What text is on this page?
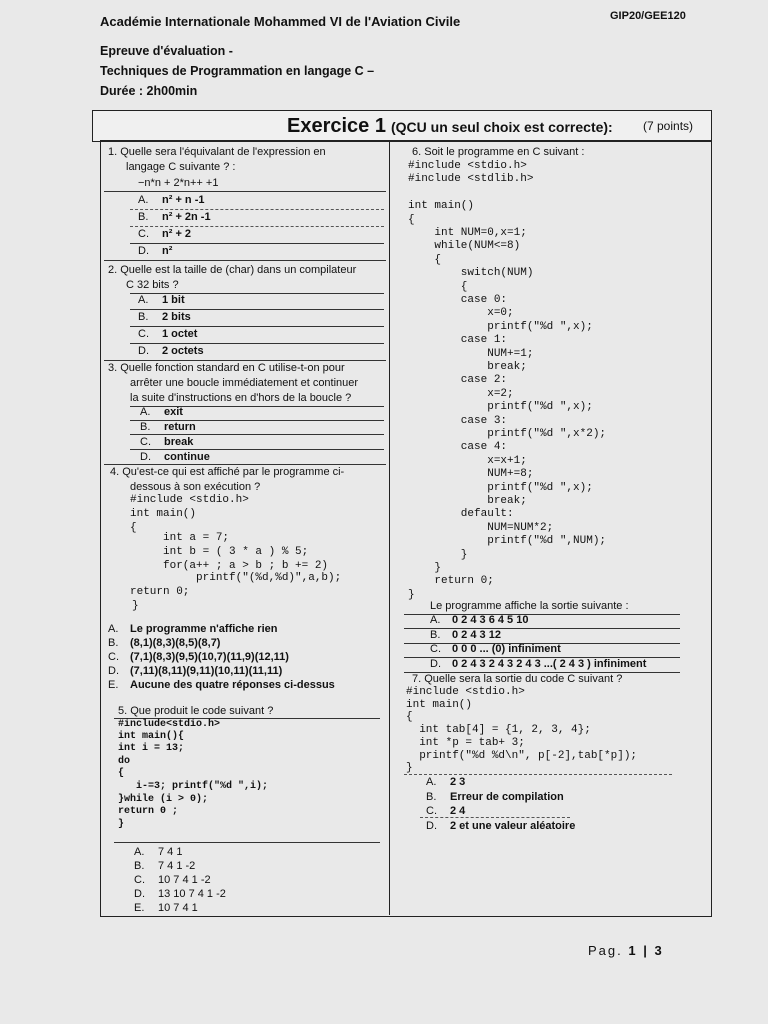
Académie Internationale Mohammed VI de l'Aviation Civile	GIP20/GEE120
Epreuve d'évaluation -
Techniques de Programmation en langage C –
Durée : 2h00min
Exercice 1 (QCU un seul choix est correcte):	(7 points)
1. Quelle sera l'équivalant de l'expression en
langage C suivante ? :
−n*n + 2*n++ +1
A. n² + n -1
B. n² + 2n -1
C. n² + 2
D. n²
2. Quelle est la taille de (char) dans un compilateur
C 32 bits ?
A. 1 bit
B. 2 bits
C. 1 octet
D. 2 octets
3. Quelle fonction standard en C utilise-t-on pour
arrêter une boucle immédiatement et continuer
la suite d'instructions en d'hors de la boucle ?
A. exit
B. return
C. break
D. continue
4. Qu'est-ce qui est affiché par le programme ci-
dessous à son exécution ?
#include <stdio.h>
int main()
{
int a = 7;
int b = ( 3 * a ) % 5;
for(a++ ; a > b ; b += 2)
printf("(%d,%d)",a,b);
return 0;
}
A. Le programme n'affiche rien
B. (8,1)(8,3)(8,5)(8,7)
C. (7,1)(8,3)(9,5)(10,7)(11,9)(12,11)
D. (7,11)(8,11)(9,11)(10,11)(11,11)
E. Aucune des quatre réponses ci-dessus
5. Que produit le code suivant ?
#include<stdio.h>
int main(){
int i = 13;
do
{
i-=3; printf("%d ",i);
}while (i > 0);
return 0 ;
}
A. 7 4 1
B. 7 4 1 -2
C. 10 7 4 1 -2
D. 13 10 7 4 1 -2
E. 10 7 4 1
6. Soit le programme en C suivant :
#include <stdio.h>
#include <stdlib.h>
int main()
{
int NUM=0,x=1;
while(NUM<=8)
{
switch(NUM)
{
case 0:
x=0;
printf("%d ",x);
case 1:
NUM+=1;
break;
case 2:
x=2;
printf("%d ",x);
case 3:
printf("%d ",x*2);
case 4:
x=x+1;
NUM+=8;
printf("%d ",x);
break;
default:
NUM=NUM*2;
printf("%d ",NUM);
}
}
return 0;
}
Le programme affiche la sortie suivante :
A. 0 2 4 3 6 4 5 10
B. 0 2 4 3 12
C. 0 0 0 ... (0) infiniment
D. 0 2 4 3 2 4 3 2 4 3 ...( 2 4 3 ) infiniment
7. Quelle sera la sortie du code C suivant ?
#include <stdio.h>
int main()
{
int tab[4] = {1, 2, 3, 4};
int *p = tab+ 3;
printf("%d %d\n", p[-2],tab[*p]);
}
A. 2 3
B. Erreur de compilation
C. 2 4
D. 2 et une valeur aléatoire
Pag. 1 | 3
